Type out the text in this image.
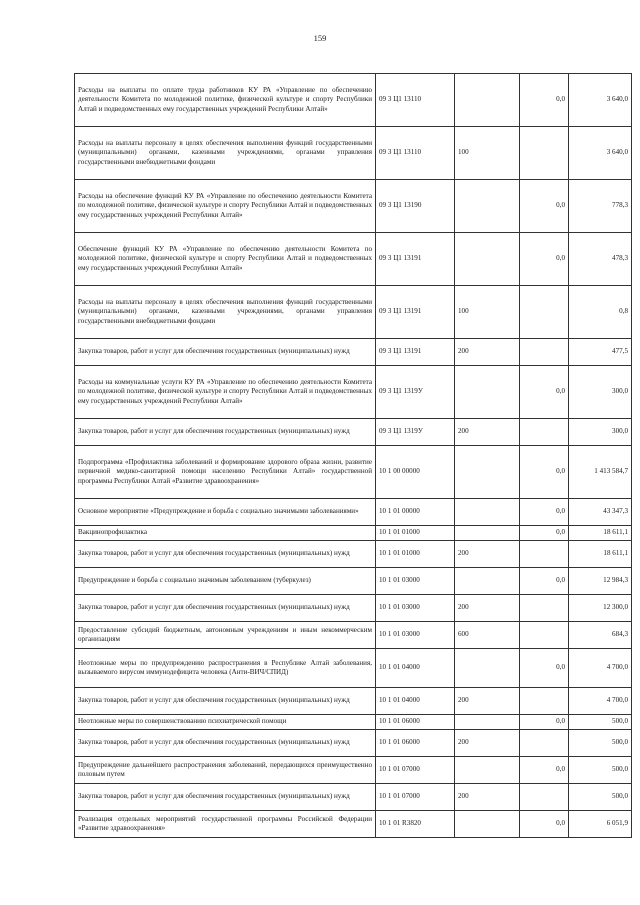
159
Расходы на выплаты по оплате труда работников КУ РА «Управление по обеспечению деятельности Комитета по молодежной политике, физической культуре и спорту Республики Алтай и подведомственных ему государственных учреждений Республики Алтай»	09 3 Ц1 13110		0,0	3 640,0
Расходы на выплаты персоналу в целях обеспечения выполнения функций государственными (муниципальными) органами, казенными учреждениями, органами управления государственными внебюджетными фондами	09 3 Ц1 13110	100		3 640,0
Расходы на обеспечение функций КУ РА «Управление по обеспечению деятельности Комитета по молодежной политике, физической культуре и спорту Республики Алтай и подведомственных ему государственных учреждений Республики Алтай»	09 3 Ц1 13190		0,0	778,3
Обеспечение функций КУ РА «Управление по обеспечению деятельности Комитета по молодежной политике, физической культуре и спорту Республики Алтай и подведомственных ему государственных учреждений Республики Алтай»	09 3 Ц1 13191		0,0	478,3
Расходы на выплаты персоналу в целях обеспечения выполнения функций государственными (муниципальными) органами, казенными учреждениями, органами управления государственными внебюджетными фондами	09 3 Ц1 13191	100		0,8
Закупка товаров, работ и услуг для обеспечения государственных (муниципальных) нужд	09 3 Ц1 13191	200		477,5
Расходы на коммунальные услуги КУ РА «Управление по обеспечению деятельности Комитета по молодежной политике, физической культуре и спорту Республики Алтай и подведомственных ему государственных учреждений Республики Алтай»	09 3 Ц1 1319У		0,0	300,0
Закупка товаров, работ и услуг для обеспечения государственных (муниципальных) нужд	09 3 Ц1 1319У	200		300,0
Подпрограмма «Профилактика заболеваний и формирование здорового образа жизни, развитие первичной медико-санитарной помощи населению Республики Алтай» государственной программы Республики Алтай «Развитие здравоохранения»	10 1 00 00000		0,0	1 413 584,7
Основное мероприятие «Предупреждение и борьба с социально значимыми заболеваниями»	10 1 01 00000		0,0	43 347,3
Вакцинопрофилактика	10 1 01 01000		0,0	18 611,1
Закупка товаров, работ и услуг для обеспечения государственных (муниципальных) нужд	10 1 01 01000	200		18 611,1
Предупреждение и борьба с социально значимым заболеванием (туберкулез)	10 1 01 03000		0,0	12 984,3
Закупка товаров, работ и услуг для обеспечения государственных (муниципальных) нужд	10 1 01 03000	200		12 300,0
Предоставление субсидий бюджетным, автономным учреждениям и иным некоммерческим организациям	10 1 01 03000	600		684,3
Неотложные меры по предупреждению распространения в Республике Алтай заболевания, вызываемого вирусом иммунодефицита человека (Анти-ВИЧ/СПИД)	10 1 01 04000		0,0	4 700,0
Закупка товаров, работ и услуг для обеспечения государственных (муниципальных) нужд	10 1 01 04000	200		4 700,0
Неотложные меры по совершенствованию психиатрической помощи	10 1 01 06000		0,0	500,0
Закупка товаров, работ и услуг для обеспечения государственных (муниципальных) нужд	10 1 01 06000	200		500,0
Предупреждение дальнейшего распространения заболеваний, передающихся преимущественно половым путем	10 1 01 07000		0,0	500,0
Закупка товаров, работ и услуг для обеспечения государственных (муниципальных) нужд	10 1 01 07000	200		500,0
Реализация отдельных мероприятий государственной программы Российской Федерации «Развитие здравоохранения»	10 1 01 R3820		0,0	6 051,9
